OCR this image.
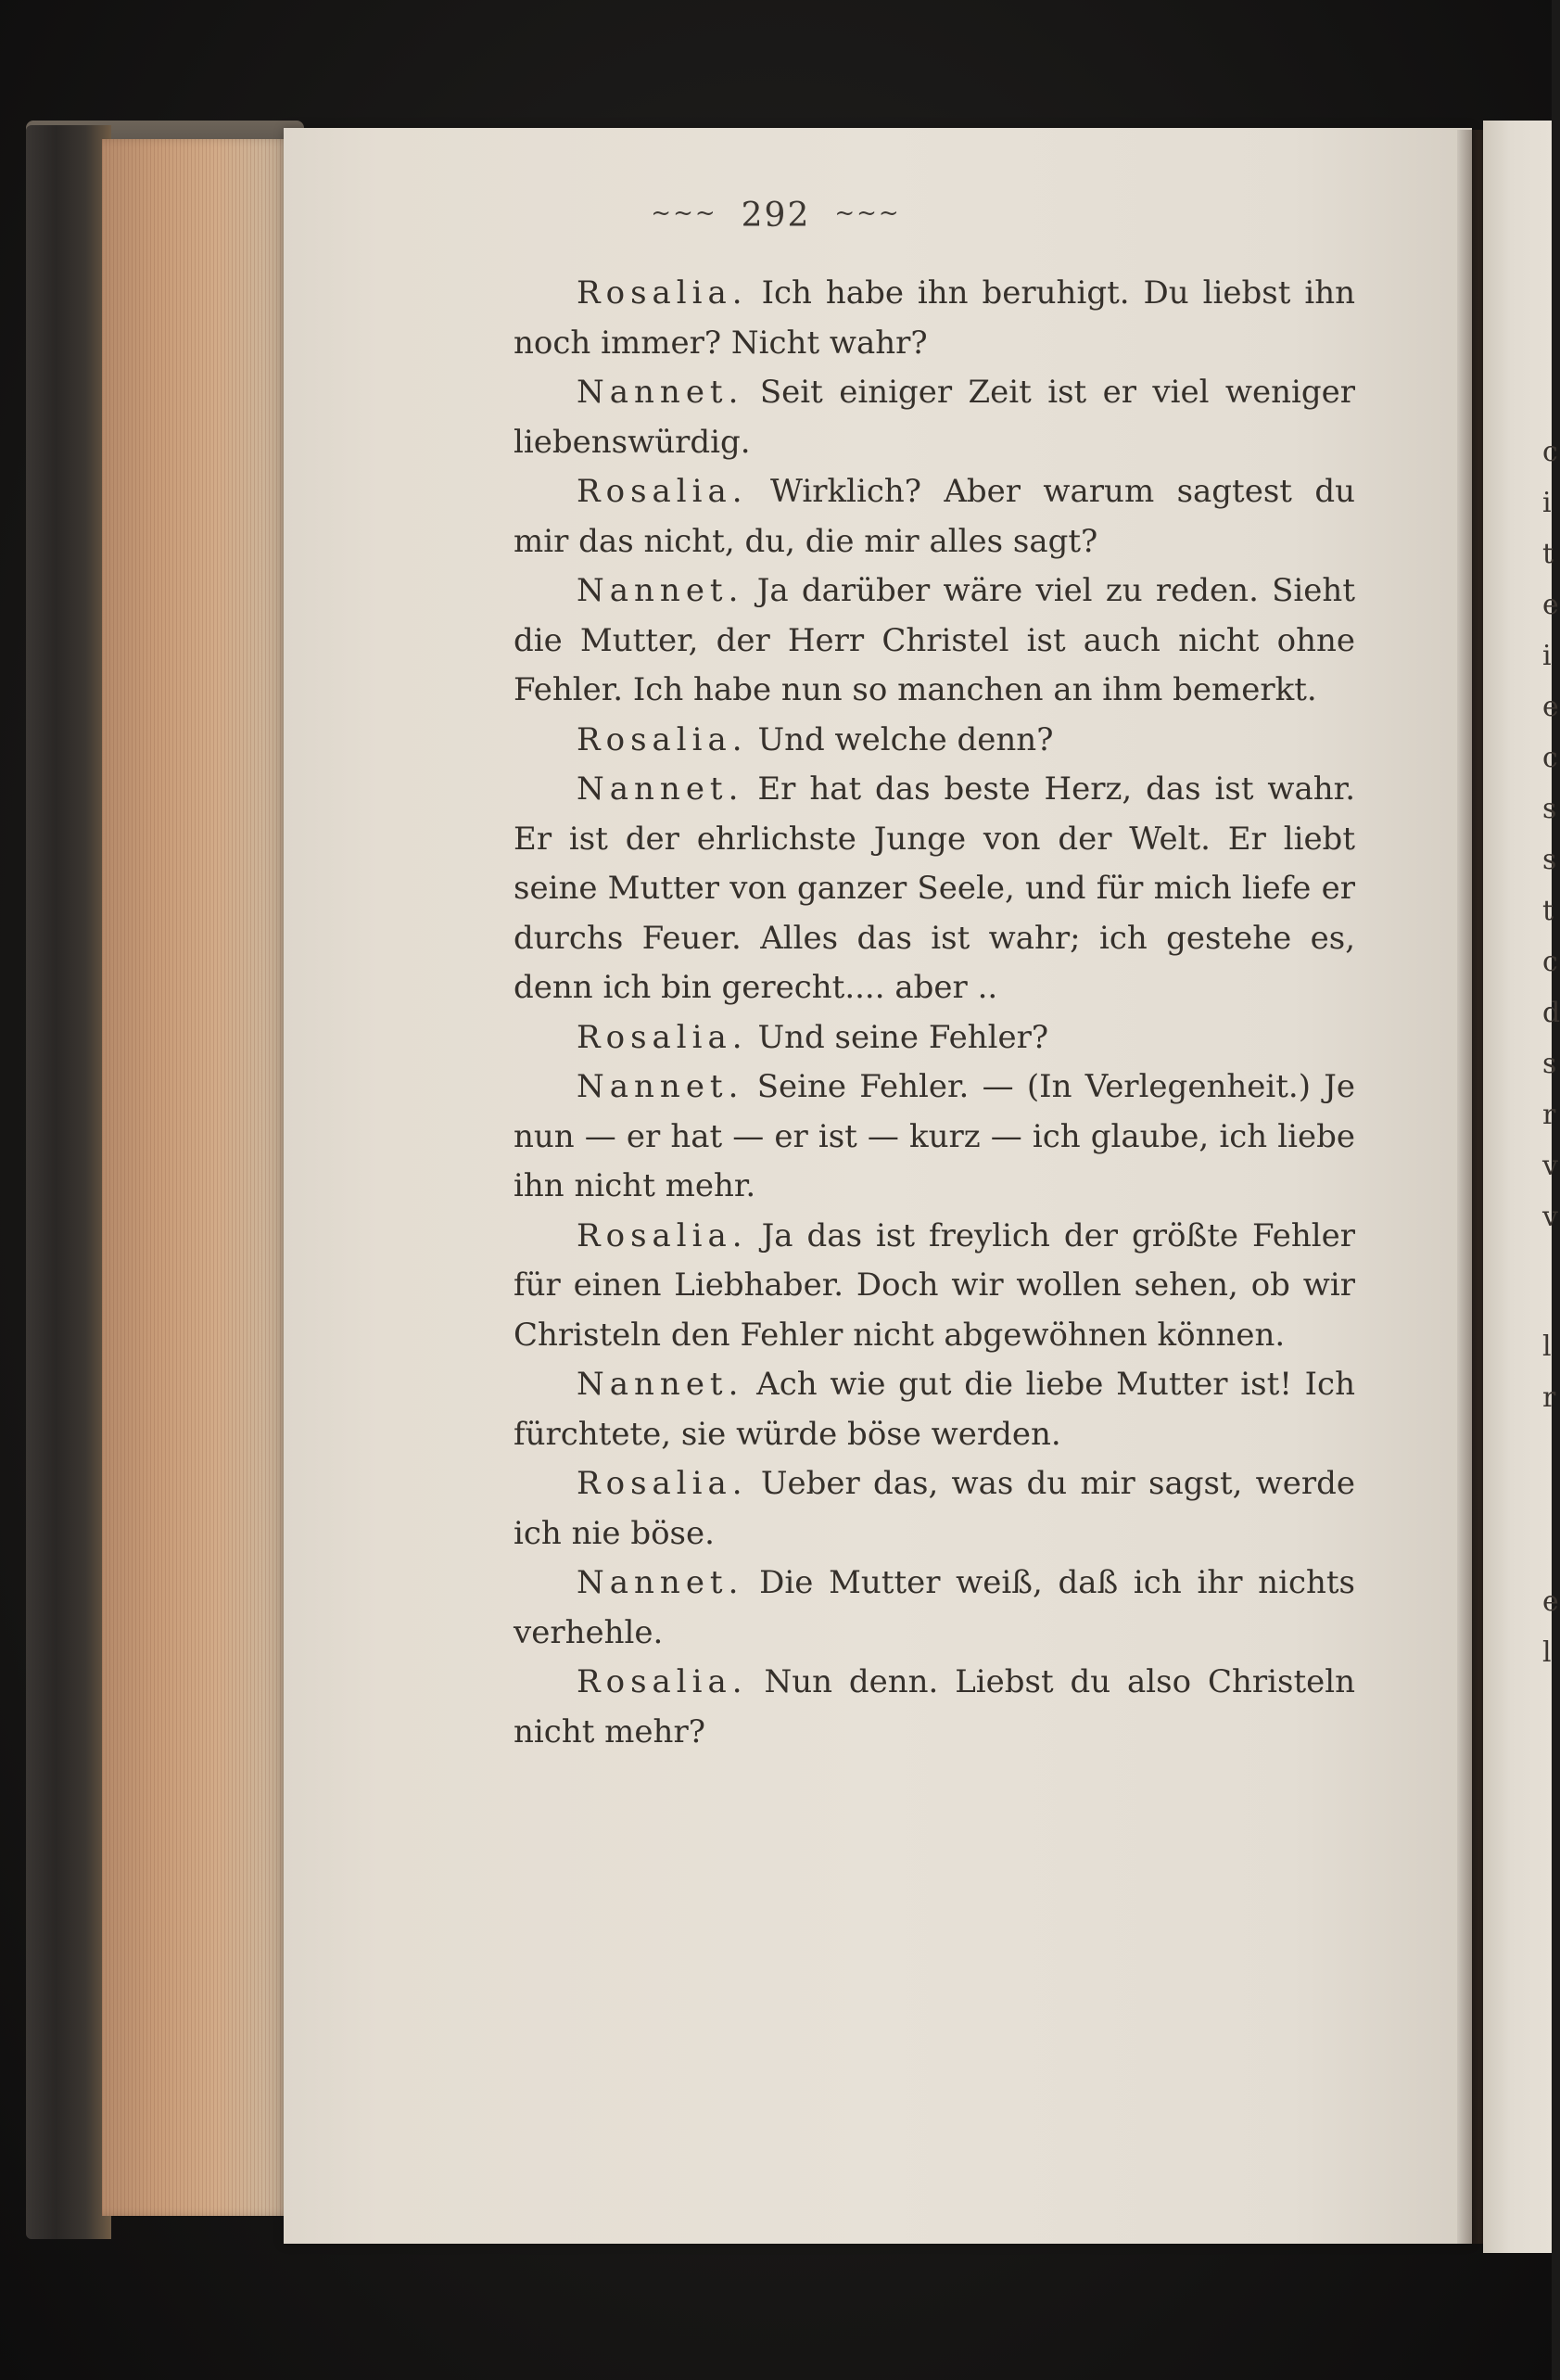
~~~ 292 ~~~

Rosalia. Ich habe ihn beruhigt. Du liebst ihn noch immer? Nicht wahr?

Nannet. Seit einiger Zeit ist er viel weniger liebenswürdig.

Rosalia. Wirklich? Aber warum sagtest du mir das nicht, du, die mir alles sagt?

Nannet. Ja darüber wäre viel zu reden. Sieht die Mutter, der Herr Christel ist auch nicht ohne Fehler. Ich habe nun so manchen an ihm bemerkt.

Rosalia. Und welche denn?

Nannet. Er hat das beste Herz, das ist wahr. Er ist der ehrlichste Junge von der Welt. Er liebt seine Mutter von ganzer Seele, und für mich liefe er durchs Feuer. Alles das ist wahr; ich gestehe es, denn ich bin gerecht.... aber ..

Rosalia. Und seine Fehler?

Nannet. Seine Fehler. — (In Verlegenheit.) Je nun — er hat — er ist — kurz — ich glaube, ich liebe ihn nicht mehr.

Rosalia. Ja das ist freylich der größte Fehler für einen Liebhaber. Doch wir wollen sehen, ob wir Christeln den Fehler nicht abgewöhnen können.

Nannet. Ach wie gut die liebe Mutter ist! Ich fürchtete, sie würde böse werden.

Rosalia. Ueber das, was du mir sagst, werde ich nie böse.

Nannet. Die Mutter weiß, daß ich ihr nichts verhehle.

Rosalia. Nun denn. Liebst du also Christeln nicht mehr?

c
i
t
e
i
e
c
s
s
t
c
d
s
r
v
v
l
r
e
l
